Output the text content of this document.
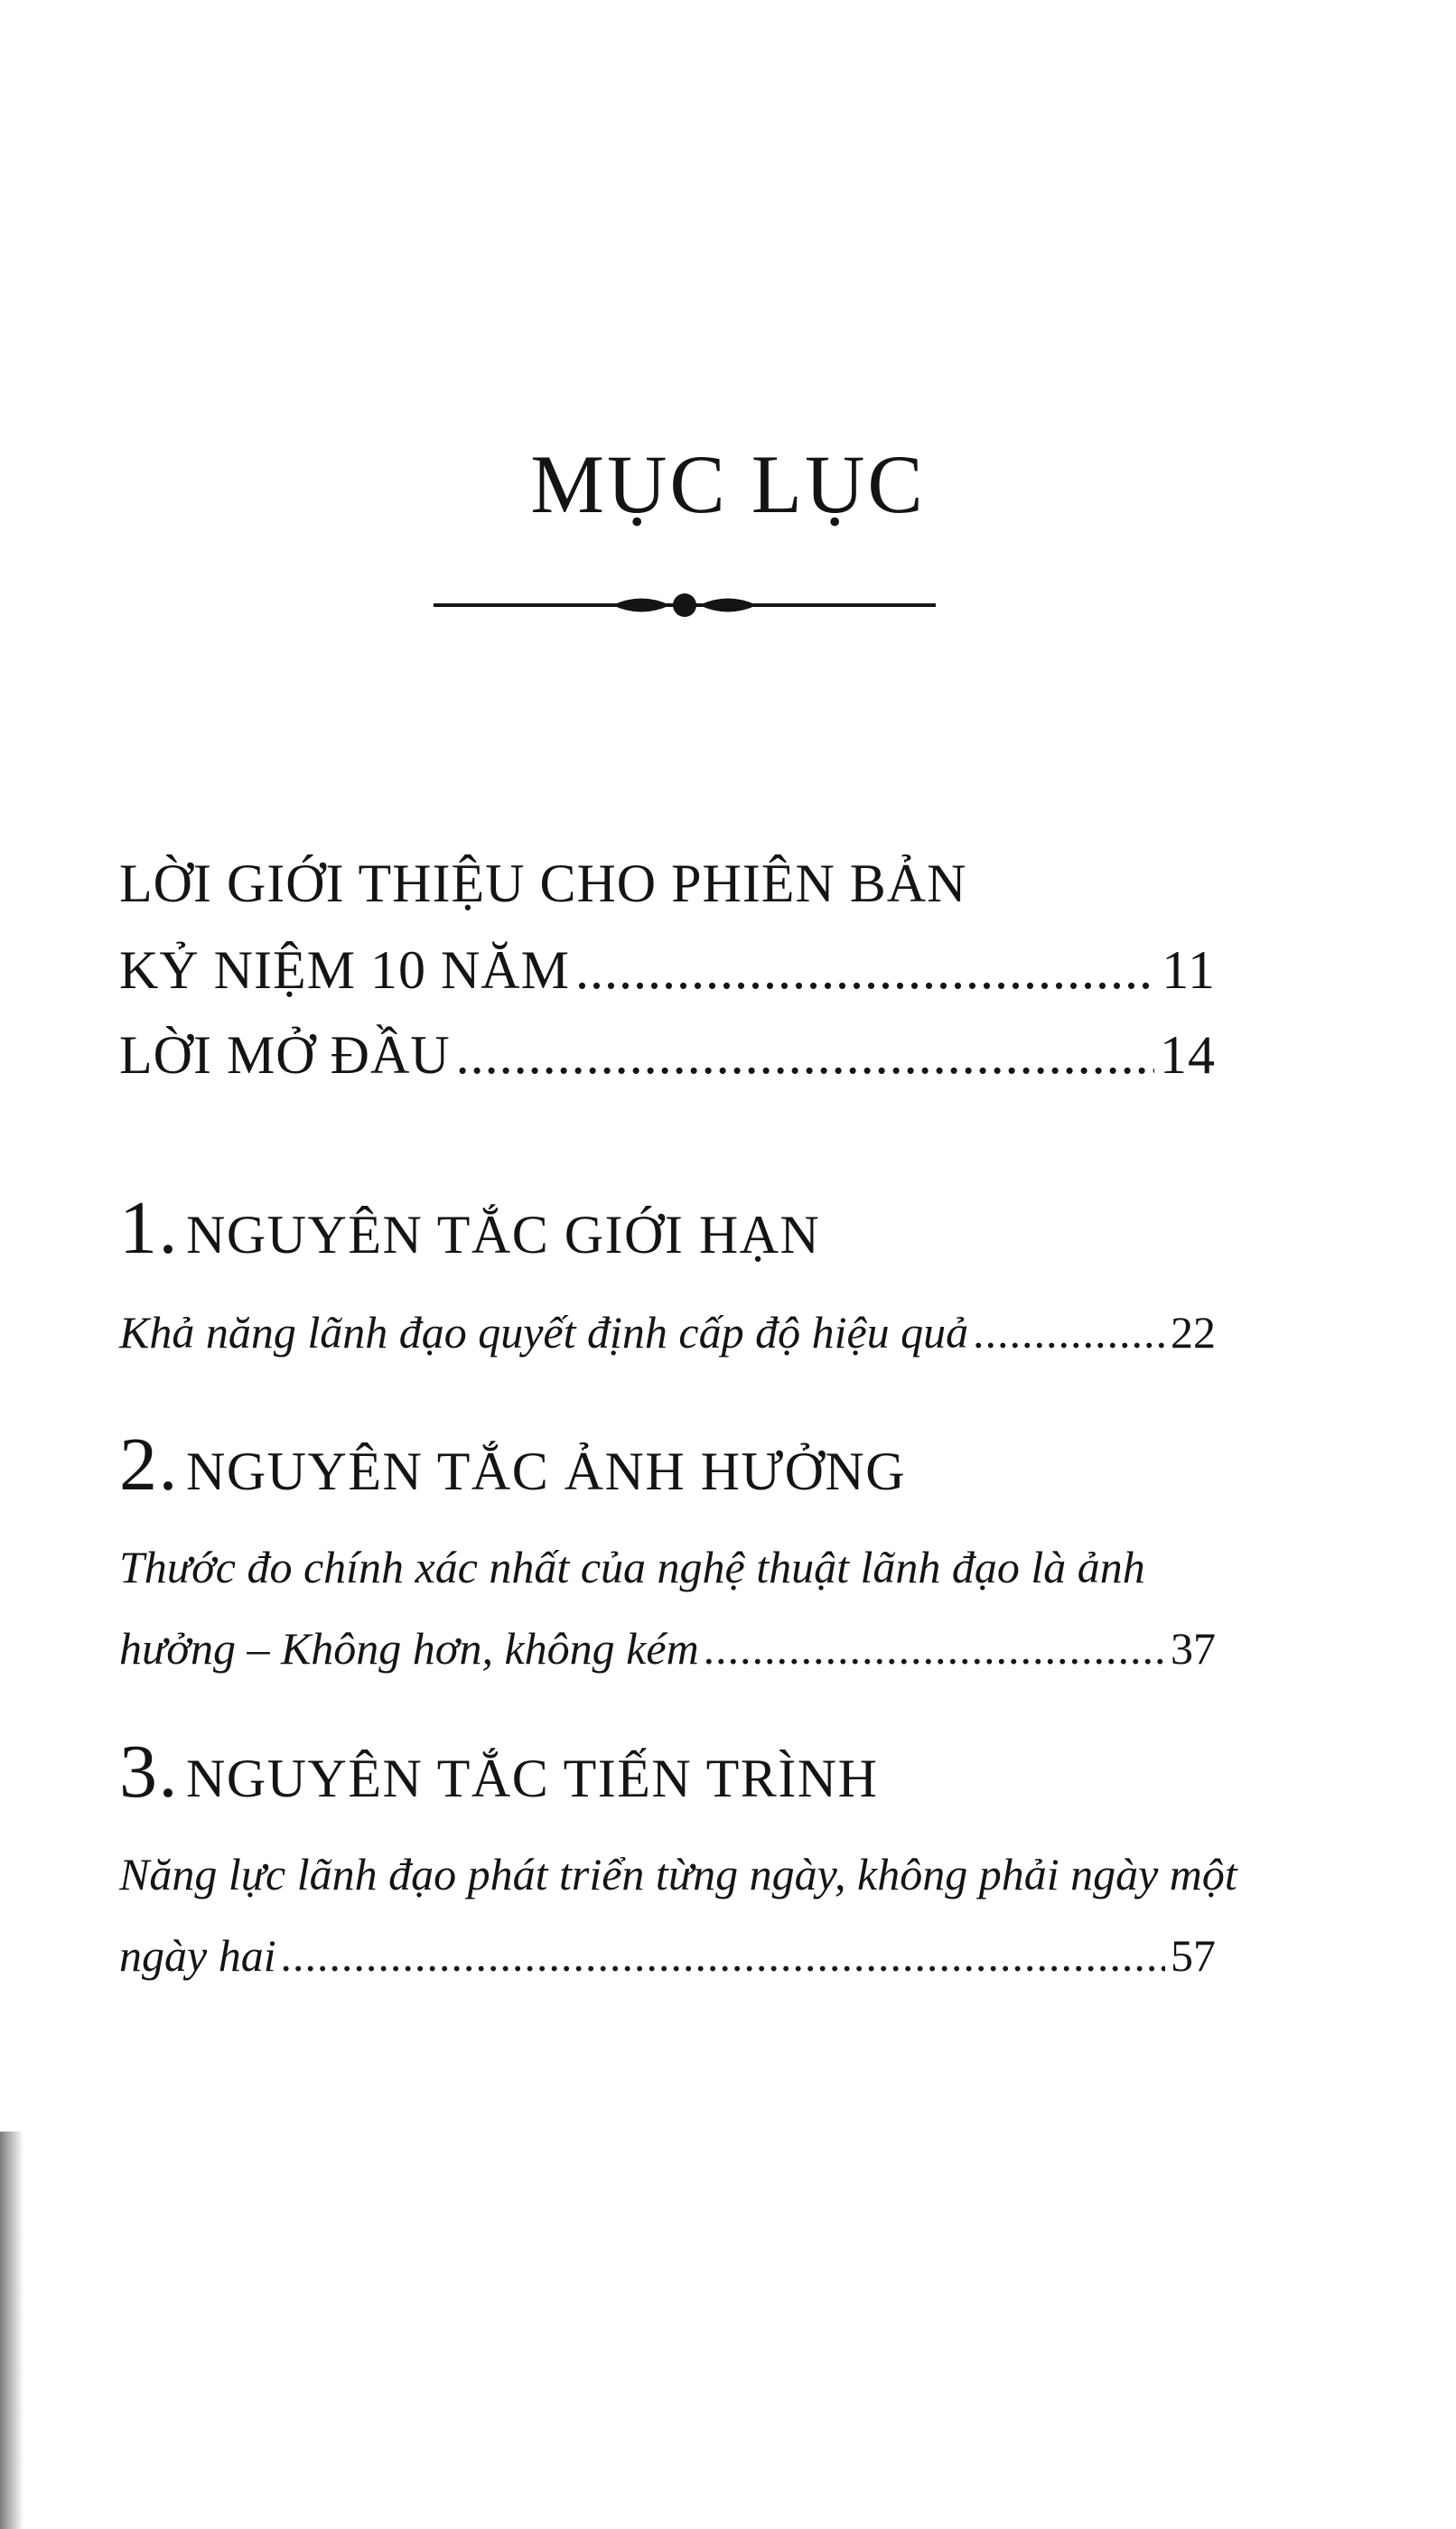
MỤC LỤC
LỜI GIỚI THIỆU CHO PHIÊN BẢN
KỶ NIỆM 10 NĂM .....	11
LỜI MỞ ĐẦU .....	14
1. NGUYÊN TẮC GIỚI HẠN
Khả năng lãnh đạo quyết định cấp độ hiệu quả .....	22
2. NGUYÊN TẮC ẢNH HƯỞNG
Thước đo chính xác nhất của nghệ thuật lãnh đạo là ảnh
hưởng – Không hơn, không kém .....	37
3. NGUYÊN TẮC TIẾN TRÌNH
Năng lực lãnh đạo phát triển từng ngày, không phải ngày một
ngày hai .....	57
